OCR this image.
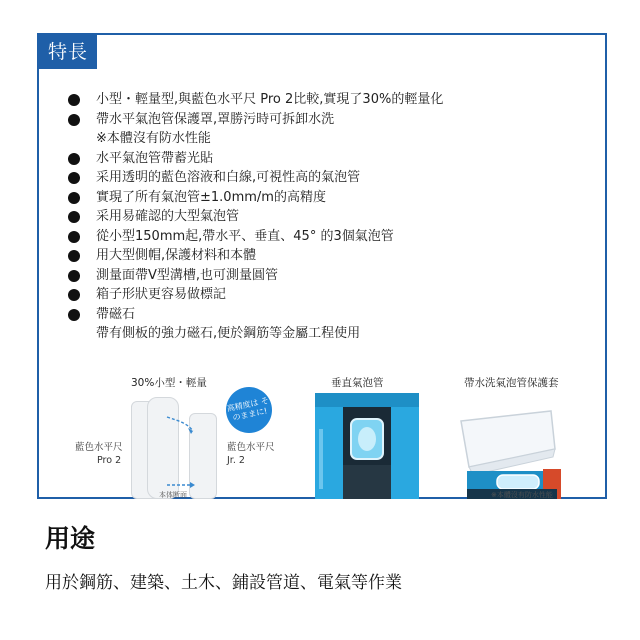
特長
小型・輕量型,與藍色水平尺 Pro 2比較,實現了30%的輕量化
帶水平氣泡管保護罩,罩勝污時可拆卸水洗
※本體沒有防水性能
水平氣泡管帶蓄光貼
采用透明的藍色溶液和白線,可視性高的氣泡管
實現了所有氣泡管±1.0mm/m的高精度
采用易確認的大型氣泡管
從小型150mm起,帶水平、垂直、45° 的3個氣泡管
用大型側帽,保護材料和本體
測量面帶V型溝槽,也可測量圓管
箱子形狀更容易做標記
帶磁石
帶有側板的強力磁石,便於鋼筋等金屬工程使用
30%小型・輕量
高精度は そのままに!
藍色水平尺
Pro 2
藍色水平尺
Jr. 2
本体断面
垂直氣泡管	帶水洗氣泡管保護套
※本體沒有防水性能
用途
用於鋼筋、建築、土木、鋪設管道、電氣等作業
